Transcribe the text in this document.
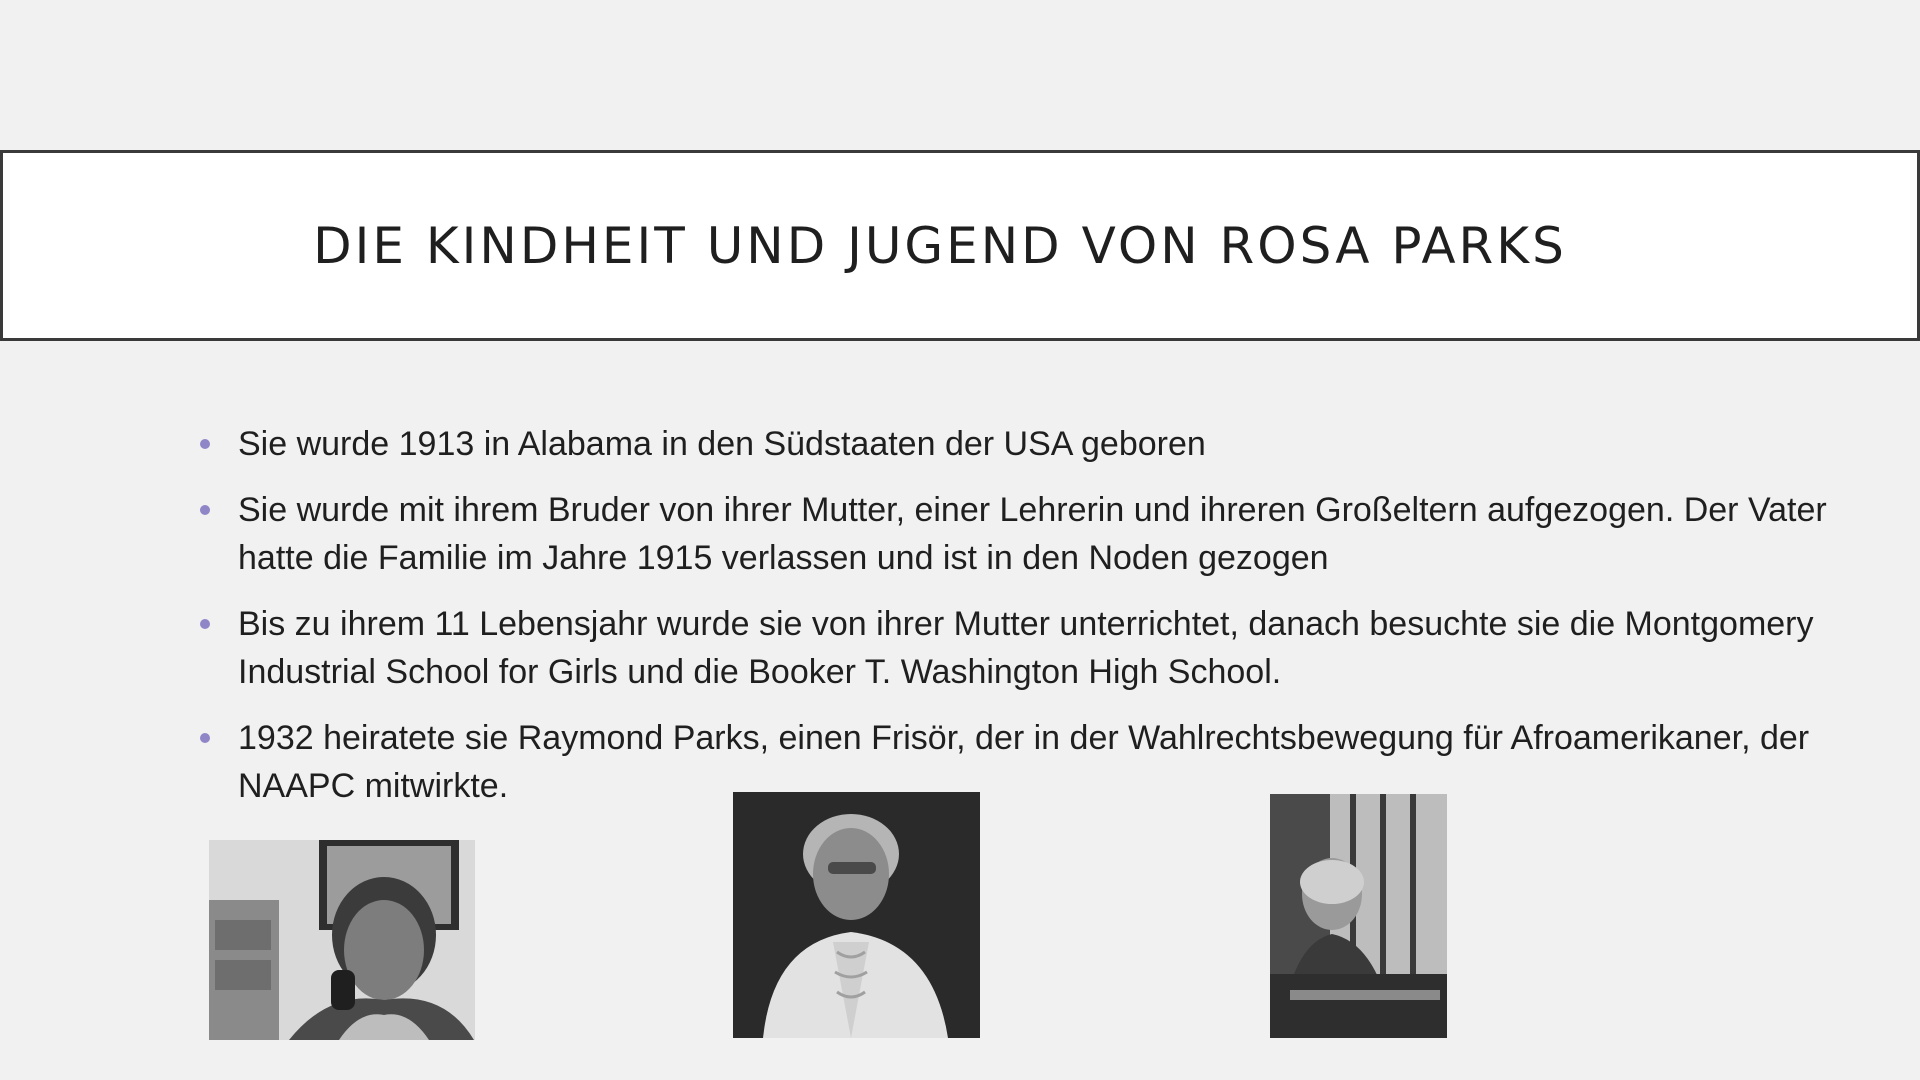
DIE KINDHEIT UND JUGEND VON ROSA PARKS
Sie wurde 1913 in Alabama in den Südstaaten der USA geboren
Sie wurde mit ihrem Bruder von ihrer Mutter, einer Lehrerin und ihreren Großeltern aufgezogen. Der Vater hatte die Familie im Jahre 1915 verlassen und ist in den Noden gezogen
Bis zu ihrem 11 Lebensjahr wurde sie von ihrer Mutter unterrichtet, danach besuchte sie die Montgomery Industrial School for Girls und die Booker T. Washington High School.
1932 heiratete sie Raymond Parks, einen Frisör, der in der Wahlrechtsbewegung für Afroamerikaner, der NAAPC mitwirkte.
